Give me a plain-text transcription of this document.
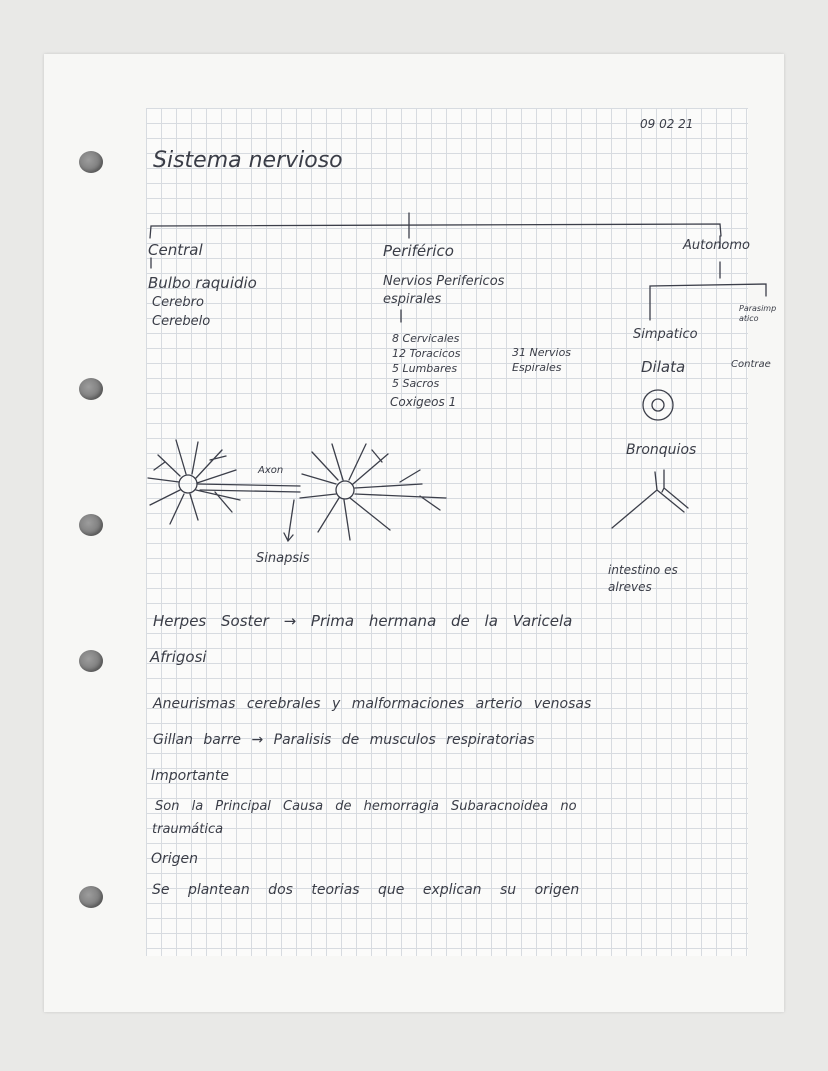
09 02 21
Sistema nervioso
Central
Bulbo raquidio
Cerebro
Cerebelo
Periférico
Nervios Perifericos espirales
8 Cervicales
12 Toracicos
5 Lumbares
5 Sacros
Coxigeos 1
31 Nervios Espirales
Autonomo
Simpatico
Parasimpatico
Dilata	Contrae
Bronquios
intestino es alreves
Axon
Sinapsis
Herpes Soster → Prima hermana de la Varicela
Afrigosi
Aneurismas cerebrales y malformaciones arterio venosas
Gillan barre → Paralisis de musculos respiratorias
Importante
Son la Principal Causa de hemorragia Subaracnoidea no
traumática
Origen
Se plantean dos teorias que explican su origen
